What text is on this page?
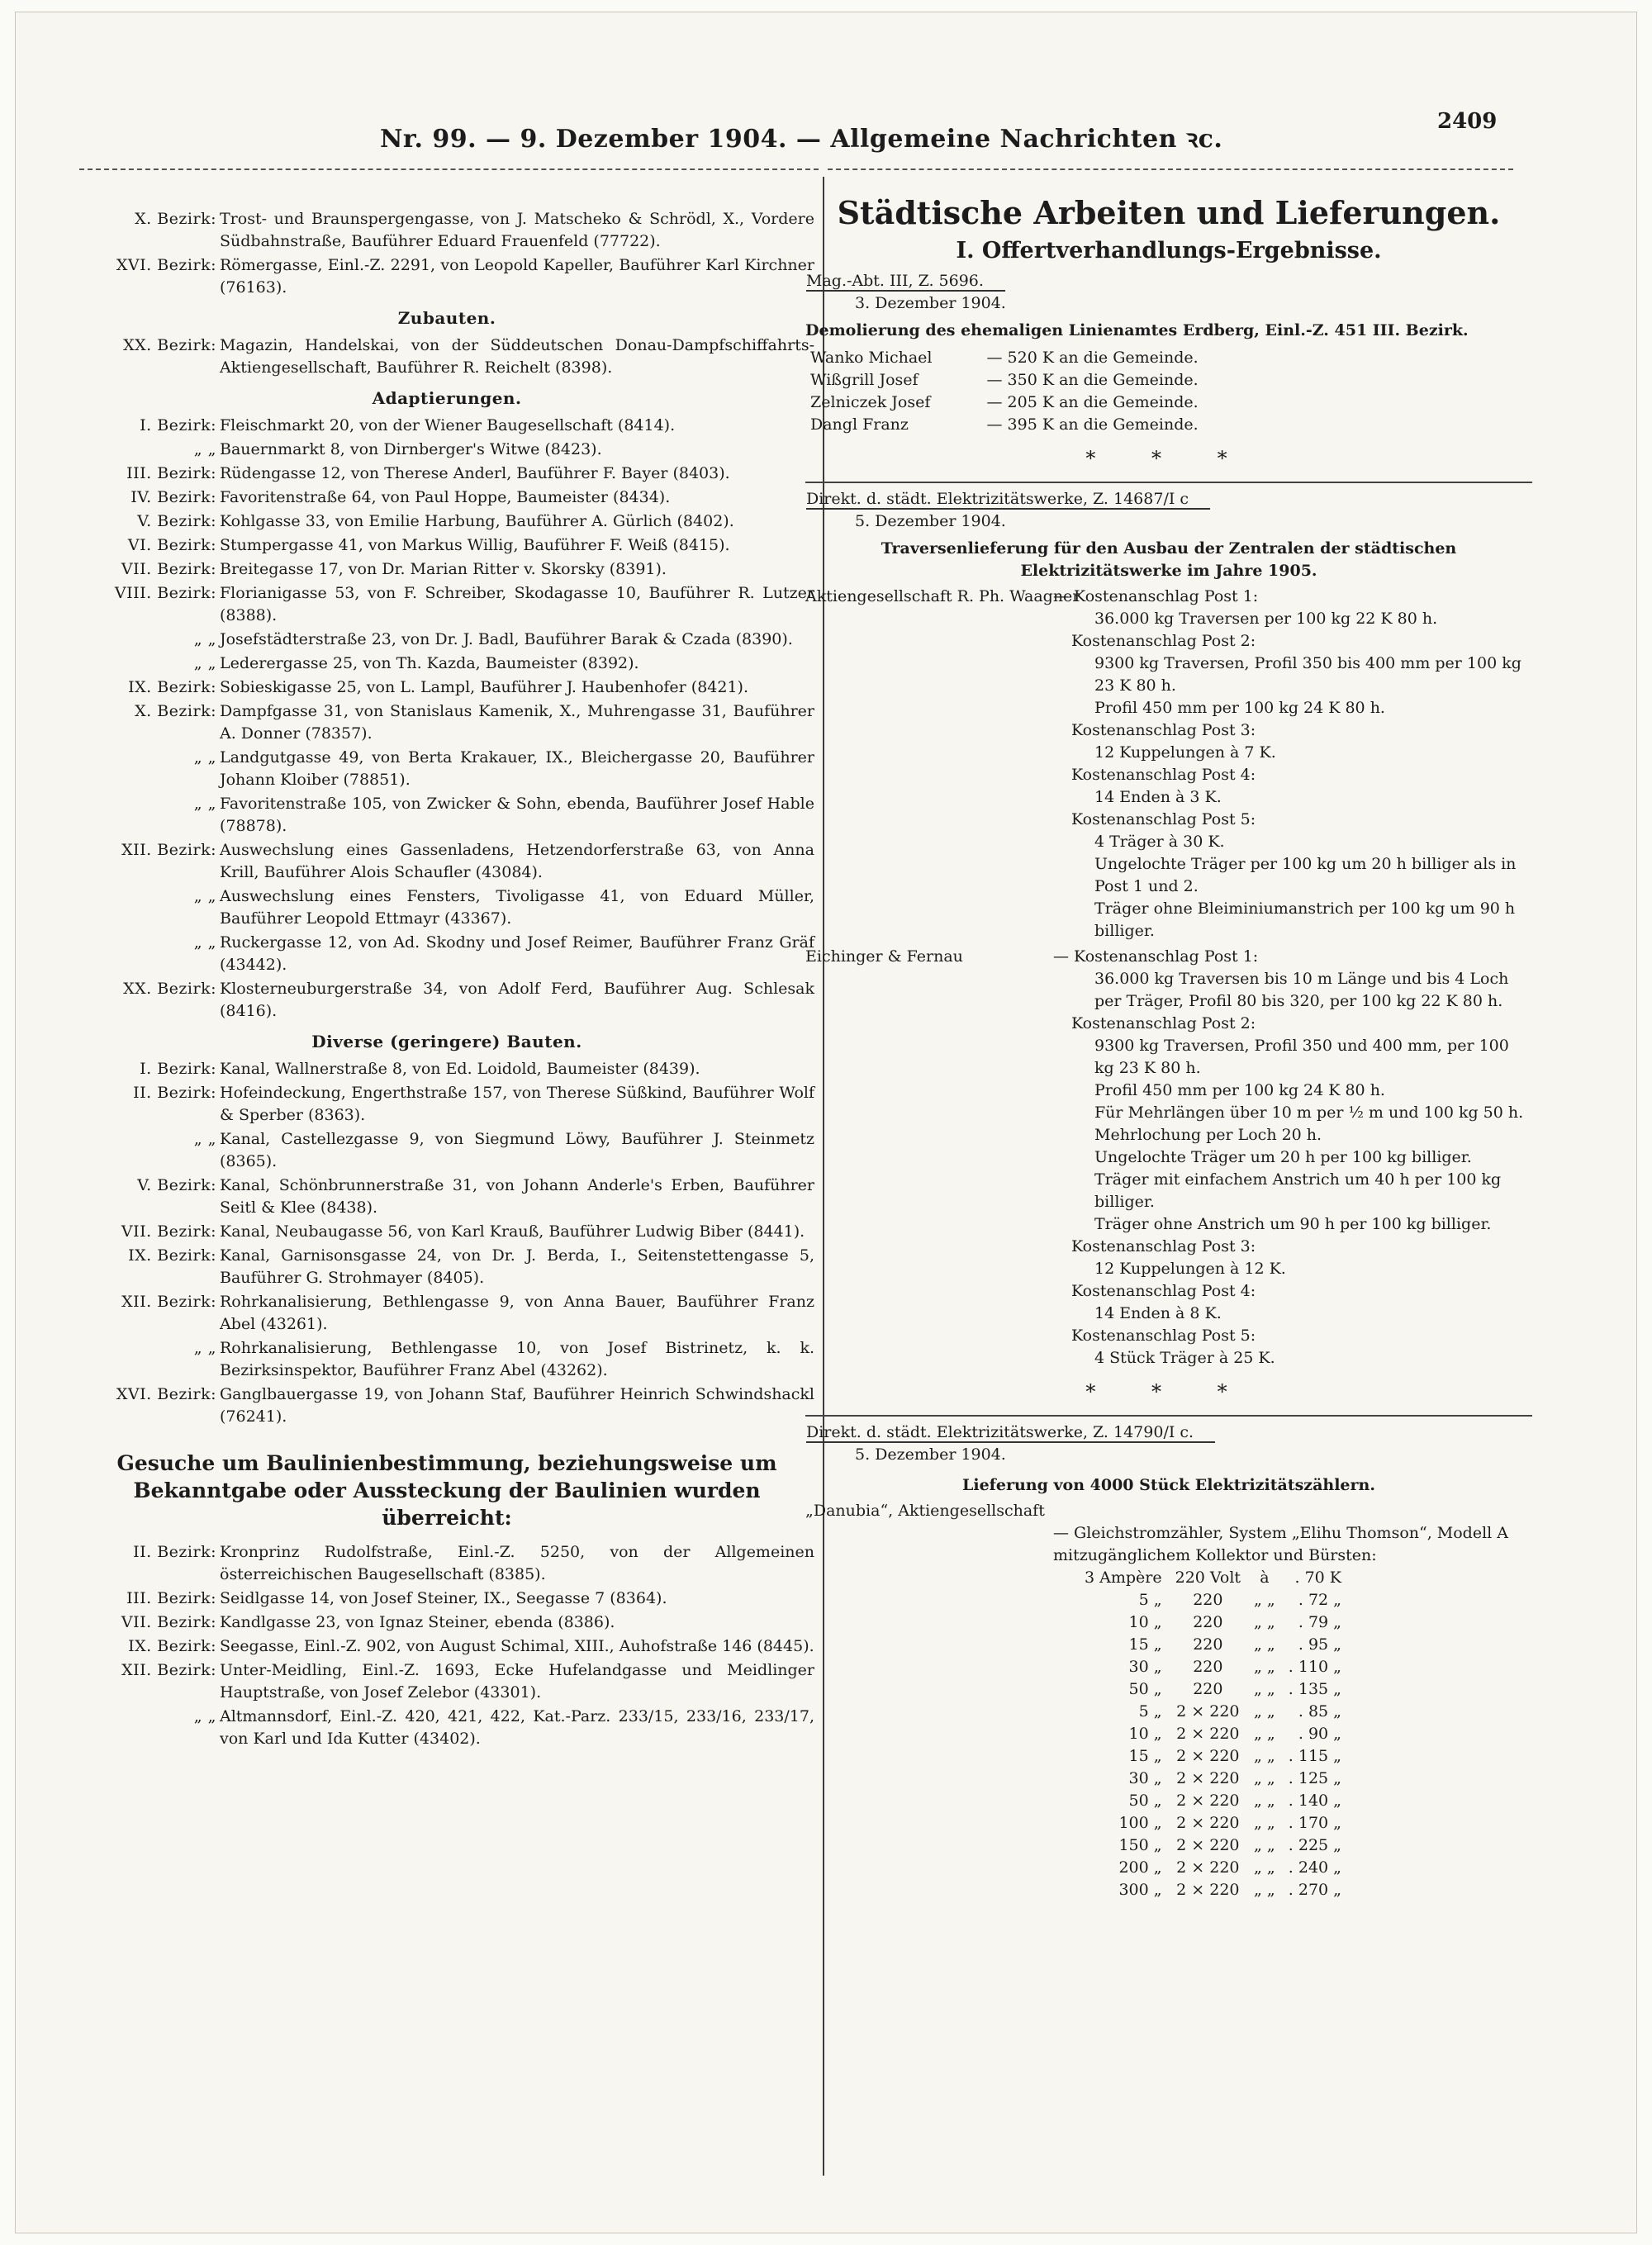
Nr. 99. — 9. Dezember 1904. — Allgemeine Nachrichten ꝛc.
2409
X. Bezirk: Trost- und Braunspergengasse, von J. Matscheko & Schrödl, X., Vordere Südbahnstraße, Bauführer Eduard Frauenfeld (77722).
XVI. Bezirk: Römergasse, Einl.-Z. 2291, von Leopold Kapeller, Bauführer Karl Kirchner (76163).
Zubauten.
XX. Bezirk: Magazin, Handelskai, von der Süddeutschen Donau-Dampfschiffahrts-Aktiengesellschaft, Bauführer R. Reichelt (8398).
Adaptierungen.
I. Bezirk: Fleischmarkt 20, von der Wiener Baugesellschaft (8414).
„ „ Bauernmarkt 8, von Dirnberger's Witwe (8423).
III. Bezirk: Rüdengasse 12, von Therese Anderl, Bauführer F. Bayer (8403).
IV. Bezirk: Favoritenstraße 64, von Paul Hoppe, Baumeister (8434).
V. Bezirk: Kohlgasse 33, von Emilie Harbung, Bauführer A. Gürlich (8402).
VI. Bezirk: Stumpergasse 41, von Markus Willig, Bauführer F. Weiß (8415).
VII. Bezirk: Breitegasse 17, von Dr. Marian Ritter v. Skorsky (8391).
VIII. Bezirk: Florianigasse 53, von F. Schreiber, Skodagasse 10, Bauführer R. Lutzer (8388).
„ „ Josefstädterstraße 23, von Dr. J. Badl, Bauführer Barak & Czada (8390).
„ „ Lederergasse 25, von Th. Kazda, Baumeister (8392).
IX. Bezirk: Sobieskigasse 25, von L. Lampl, Bauführer J. Haubenhofer (8421).
X. Bezirk: Dampfgasse 31, von Stanislaus Kamenik, X., Muhrengasse 31, Bauführer A. Donner (78357).
„ „ Landgutgasse 49, von Berta Krakauer, IX., Bleichergasse 20, Bauführer Johann Kloiber (78851).
„ „ Favoritenstraße 105, von Zwicker & Sohn, ebenda, Bauführer Josef Hable (78878).
XII. Bezirk: Auswechslung eines Gassenladens, Hetzendorferstraße 63, von Anna Krill, Bauführer Alois Schaufler (43084).
„ „ Auswechslung eines Fensters, Tivoligasse 41, von Eduard Müller, Bauführer Leopold Ettmayr (43367).
„ „ Ruckergasse 12, von Ad. Skodny und Josef Reimer, Bauführer Franz Gräf (43442).
XX. Bezirk: Klosterneuburgerstraße 34, von Adolf Ferd, Bauführer Aug. Schlesak (8416).
Diverse (geringere) Bauten.
I. Bezirk: Kanal, Wallnerstraße 8, von Ed. Loidold, Baumeister (8439).
II. Bezirk: Hofeindeckung, Engerthstraße 157, von Therese Süßkind, Bauführer Wolf & Sperber (8363).
„ „ Kanal, Castellezgasse 9, von Siegmund Löwy, Bauführer J. Steinmetz (8365).
V. Bezirk: Kanal, Schönbrunnerstraße 31, von Johann Anderle's Erben, Bauführer Seitl & Klee (8438).
VII. Bezirk: Kanal, Neubaugasse 56, von Karl Krauß, Bauführer Ludwig Biber (8441).
IX. Bezirk: Kanal, Garnisonsgasse 24, von Dr. J. Berda, I., Seitenstettengasse 5, Bauführer G. Strohmayer (8405).
XII. Bezirk: Rohrkanalisierung, Bethlengasse 9, von Anna Bauer, Bauführer Franz Abel (43261).
„ „ Rohrkanalisierung, Bethlengasse 10, von Josef Bistrinetz, k. k. Bezirksinspektor, Bauführer Franz Abel (43262).
XVI. Bezirk: Ganglbauergasse 19, von Johann Staf, Bauführer Heinrich Schwindshackl (76241).
Gesuche um Baulinienbestimmung, beziehungsweise um Bekanntgabe oder Aussteckung der Baulinien wurden überreicht:
II. Bezirk: Kronprinz Rudolfstraße, Einl.-Z. 5250, von der Allgemeinen österreichischen Baugesellschaft (8385).
III. Bezirk: Seidlgasse 14, von Josef Steiner, IX., Seegasse 7 (8364).
VII. Bezirk: Kandlgasse 23, von Ignaz Steiner, ebenda (8386).
IX. Bezirk: Seegasse, Einl.-Z. 902, von August Schimal, XIII., Auhofstraße 146 (8445).
XII. Bezirk: Unter-Meidling, Einl.-Z. 1693, Ecke Hufelandgasse und Meidlinger Hauptstraße, von Josef Zelebor (43301).
„ „ Altmannsdorf, Einl.-Z. 420, 421, 422, Kat.-Parz. 233/15, 233/16, 233/17, von Karl und Ida Kutter (43402).
Städtische Arbeiten und Lieferungen.
I. Offertverhandlungs-Ergebnisse.
Mag.-Abt. III, Z. 5696.
3. Dezember 1904.
Demolierung des ehemaligen Linienamtes Erdberg, Einl.-Z. 451 III. Bezirk.
Wanko Michael	— 520 K an die Gemeinde.
Wißgrill Josef	— 350 K an die Gemeinde.
Zelniczek Josef	— 205 K an die Gemeinde.
Dangl Franz	— 395 K an die Gemeinde.
* * *
Direkt. d. städt. Elektrizitätswerke, Z. 14687/I c
5. Dezember 1904.
Traversenlieferung für den Ausbau der Zentralen der städtischen Elektrizitätswerke im Jahre 1905.
Aktiengesellschaft R. Ph. Waagner
— Kostenanschlag Post 1:
36.000 kg Traversen per 100 kg 22 K 80 h.
Kostenanschlag Post 2:
9300 kg Traversen, Profil 350 bis 400 mm per 100 kg 23 K 80 h.
Profil 450 mm per 100 kg 24 K 80 h.
Kostenanschlag Post 3:
12 Kuppelungen à 7 K.
Kostenanschlag Post 4:
14 Enden à 3 K.
Kostenanschlag Post 5:
4 Träger à 30 K.
Ungelochte Träger per 100 kg um 20 h billiger als in Post 1 und 2.
Träger ohne Bleiminiumanstrich per 100 kg um 90 h billiger.
Eichinger & Fernau	— Kostenanschlag Post 1:
36.000 kg Traversen bis 10 m Länge und bis 4 Loch per Träger, Profil 80 bis 320, per 100 kg 22 K 80 h.
Kostenanschlag Post 2:
9300 kg Traversen, Profil 350 und 400 mm, per 100 kg 23 K 80 h.
Profil 450 mm per 100 kg 24 K 80 h.
Für Mehrlängen über 10 m per ½ m und 100 kg 50 h.
Mehrlochung per Loch 20 h.
Ungelochte Träger um 20 h per 100 kg billiger.
Träger mit einfachem Anstrich um 40 h per 100 kg billiger.
Träger ohne Anstrich um 90 h per 100 kg billiger.
Kostenanschlag Post 3:
12 Kuppelungen à 12 K.
Kostenanschlag Post 4:
14 Enden à 8 K.
Kostenanschlag Post 5:
4 Stück Träger à 25 K.
* * *
Direkt. d. städt. Elektrizitätswerke, Z. 14790/I c.
5. Dezember 1904.
Lieferung von 4000 Stück Elektrizitätszählern.
„Danubia“, Aktiengesellschaft
— Gleichstromzähler, System „Elihu Thomson“, Modell A mitzugänglichem Kollektor und Bürsten:
3 Ampère	220 Volt	à	. 70 K
5 „	220	„ „	. 72 „
10 „	220	„ „	. 79 „
15 „	220	„ „	. 95 „
30 „	220	„ „	. 110 „
50 „	220	„ „	. 135 „
5 „	2 × 220	„ „	. 85 „
10 „	2 × 220	„ „	. 90 „
15 „	2 × 220	„ „	. 115 „
30 „	2 × 220	„ „	. 125 „
50 „	2 × 220	„ „	. 140 „
100 „	2 × 220	„ „	. 170 „
150 „	2 × 220	„ „	. 225 „
200 „	2 × 220	„ „	. 240 „
300 „	2 × 220	„ „	. 270 „
